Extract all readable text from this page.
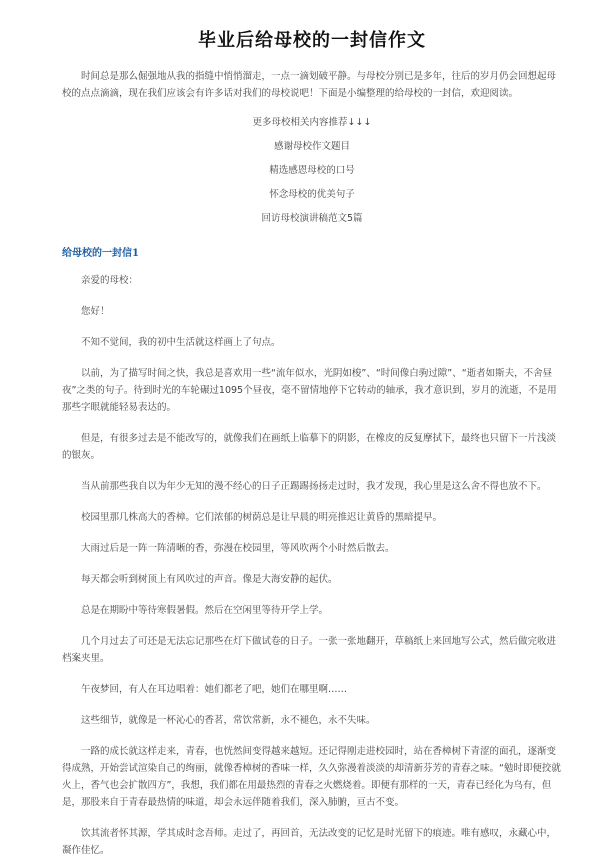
毕业后给母校的一封信作文

时间总是那么倔强地从我的指缝中悄悄溜走，一点一滴划破平静。与母校分别已是多年，往后的岁月仍会回想起母校的点点滴滴，现在我们应该会有许多话对我们的母校说吧！下面是小编整理的给母校的一封信，欢迎阅读。

更多母校相关内容推荐↓↓↓
感谢母校作文题目
精选感恩母校的口号
怀念母校的优美句子
回访母校演讲稿范文5篇
给母校的一封信1

亲爱的母校：

您好！

不知不觉间，我的初中生活就这样画上了句点。

以前，为了描写时间之快，我总是喜欢用一些“流年似水，光阴如梭”、“时间像白驹过隙”、“逝者如斯夫，不舍昼夜”之类的句子。待到时光的车轮碾过1095个昼夜，毫不留情地停下它转动的轴承，我才意识到，岁月的流逝，不是用那些字眼就能轻易表达的。

但是，有很多过去是不能改写的，就像我们在画纸上临摹下的阴影，在橡皮的反复摩拭下，最终也只留下一片浅淡的银灰。

当从前那些我自以为年少无知的漫不经心的日子正踢踢扬扬走过时，我才发现，我心里是这么舍不得也放不下。

校园里那几株高大的香樟。它们浓郁的树荫总是让早晨的明亮推迟让黄昏的黑暗提早。

大雨过后是一阵一阵清晰的香，弥漫在校园里，等风吹两个小时然后散去。

每天都会听到树顶上有风吹过的声音。像是大海安静的起伏。

总是在期盼中等待寒假暑假。然后在空闲里等待开学上学。

几个月过去了可还是无法忘记那些在灯下做试卷的日子。一张一张地翻开，草稿纸上来回地写公式，然后做完收进档案夹里。

午夜梦回，有人在耳边唱着：她们都老了吧，她们在哪里啊……

这些细节，就像是一杯沁心的香茗，常饮常新，永不褪色，永不失味。

一路的成长就这样走来，青春，也恍然间变得越来越短。还记得刚走进校园时，站在香樟树下青涩的面孔，逐渐变得成熟，开始尝试渲染自己的绚丽，就像香樟树的香味一样，久久弥漫着淡淡的却清新芬芳的青春之味。“勉时即便挍就火上，香气也会扩散四方”，我想，我们都在用最热烈的青春之火燃烧着。即便有那样的一天，青春已经化为乌有，但是，那股来自于青春最热情的味道，却会永远伴随着我们，深入肺腑，亘古不变。

饮其流者怀其源，学其成时念吾师。走过了，再回首，无法改变的记忆是时光留下的痕迹。唯有感叹，永藏心中，凝作佳忆。
